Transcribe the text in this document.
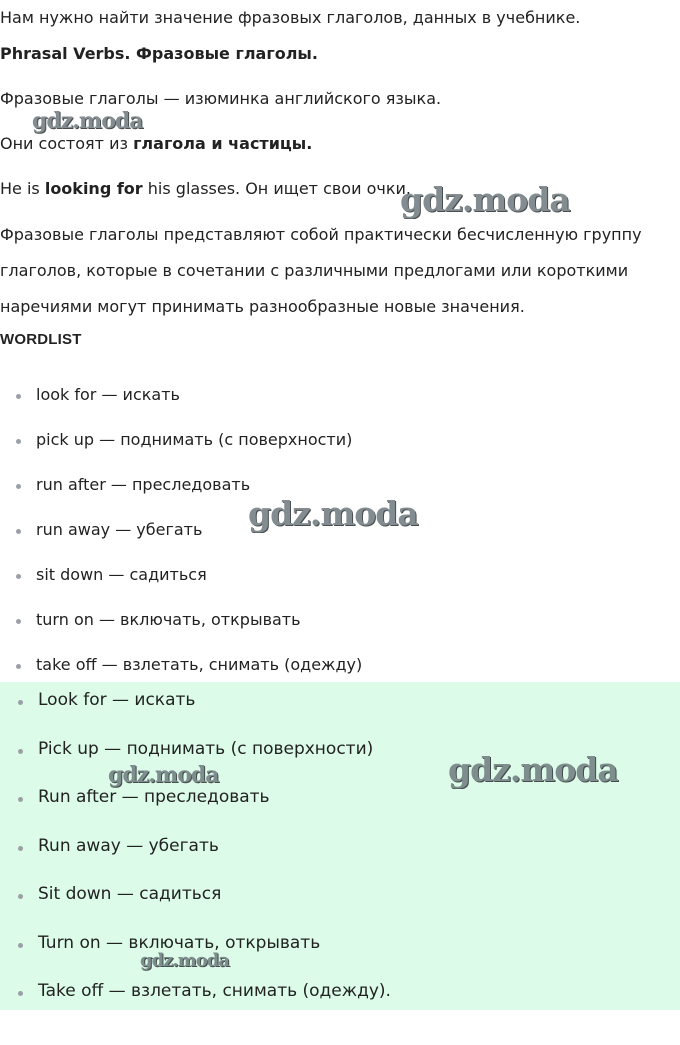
Нам нужно найти значение фразовых глаголов, данных в учебнике.

Phrasal Verbs. Фразовые глаголы.

Фразовые глаголы — изюминка английского языка.

Они состоят из глагола и частицы.

He is looking for his glasses. Он ищет свои очки.

Фразовые глаголы представляют собой практически бесчисленную группу

глаголов, которые в сочетании с различными предлогами или короткими

наречиями могут принимать разнообразные новые значения.

WORDLIST

look for — искать
pick up — поднимать (с поверхности)
run after — преследовать
run away — убегать
sit down — садиться
turn on — включать, открывать
take off — взлетать, снимать (одежду)
Look for — искать
Pick up — поднимать (с поверхности)
Run after — преследовать
Run away — убегать
Sit down — садиться
Turn on — включать, открывать
Take off — взлетать, снимать (одежду).
gdz.moda
gdz.moda
gdz.moda
gdz.moda	gdz.moda
gdz.moda
